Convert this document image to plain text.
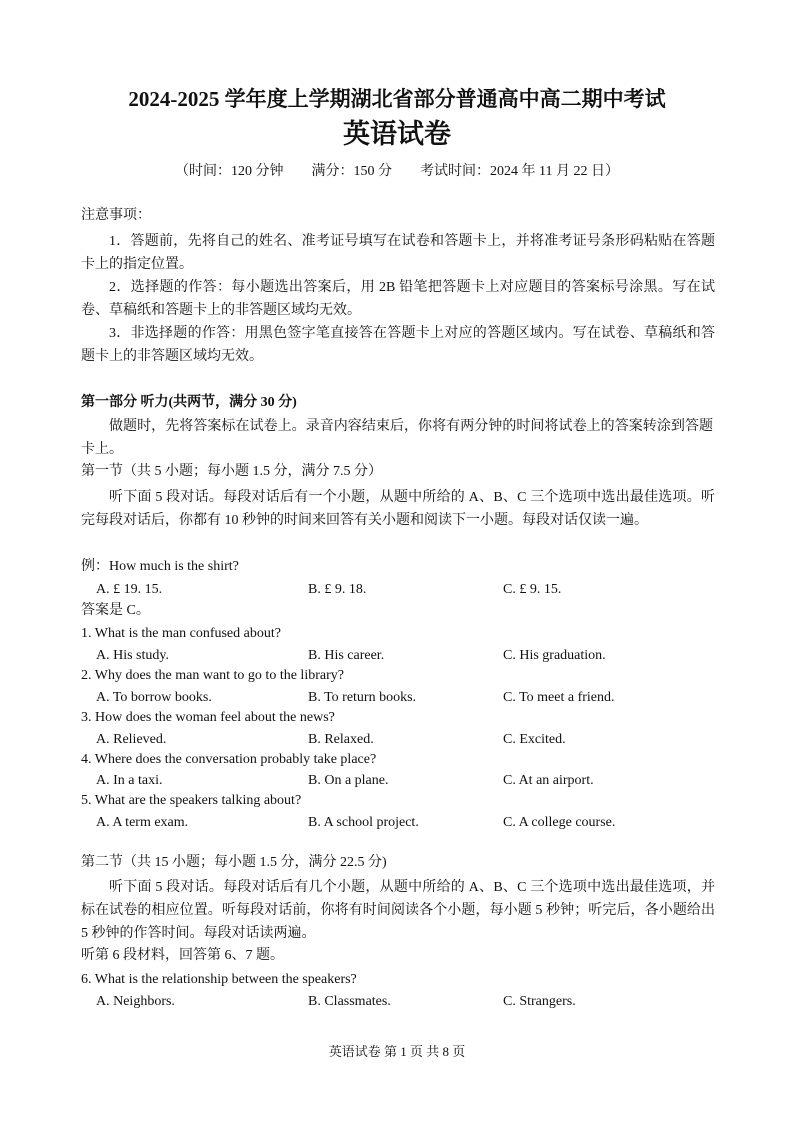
2024-2025 学年度上学期湖北省部分普通高中高二期中考试
英语试卷
（时间：120 分钟　　满分：150 分　　考试时间：2024 年 11 月 22 日）
注意事项：
1．答题前，先将自己的姓名、准考证号填写在试卷和答题卡上，并将准考证号条形码粘贴在答题卡上的指定位置。
2．选择题的作答：每小题选出答案后，用 2B 铅笔把答题卡上对应题目的答案标号涂黑。写在试卷、草稿纸和答题卡上的非答题区域均无效。
3．非选择题的作答：用黑色签字笔直接答在答题卡上对应的答题区域内。写在试卷、草稿纸和答题卡上的非答题区域均无效。
第一部分 听力(共两节，满分 30 分)
做题时，先将答案标在试卷上。录音内容结束后，你将有两分钟的时间将试卷上的答案转涂到答题卡上。
第一节（共 5 小题；每小题 1.5 分，满分 7.5 分）
听下面 5 段对话。每段对话后有一个小题，从题中所给的 A、B、C 三个选项中选出最佳选项。听完每段对话后，你都有 10 秒钟的时间来回答有关小题和阅读下一小题。每段对话仅读一遍。
例：How much is the shirt?
A. £ 19. 15.	B. £ 9. 18.	C. £ 9. 15.
答案是 C。
1. What is the man confused about?
A. His study.	B. His career.	C. His graduation.
2. Why does the man want to go to the library?
A. To borrow books.	B. To return books.	C. To meet a friend.
3. How does the woman feel about the news?
A. Relieved.	B. Relaxed.	C. Excited.
4. Where does the conversation probably take place?
A. In a taxi.	B. On a plane.	C. At an airport.
5. What are the speakers talking about?
A. A term exam.	B. A school project.	C. A college course.
第二节（共 15 小题；每小题 1.5 分，满分 22.5 分)
听下面 5 段对话。每段对话后有几个小题，从题中所给的 A、B、C 三个选项中选出最佳选项，并标在试卷的相应位置。听每段对话前，你将有时间阅读各个小题，每小题 5 秒钟；听完后，各小题给出 5 秒钟的作答时间。每段对话读两遍。
听第 6 段材料，回答第 6、7 题。
6. What is the relationship between the speakers?
A. Neighbors.	B. Classmates.	C. Strangers.
英语试卷 第 1 页 共 8 页
